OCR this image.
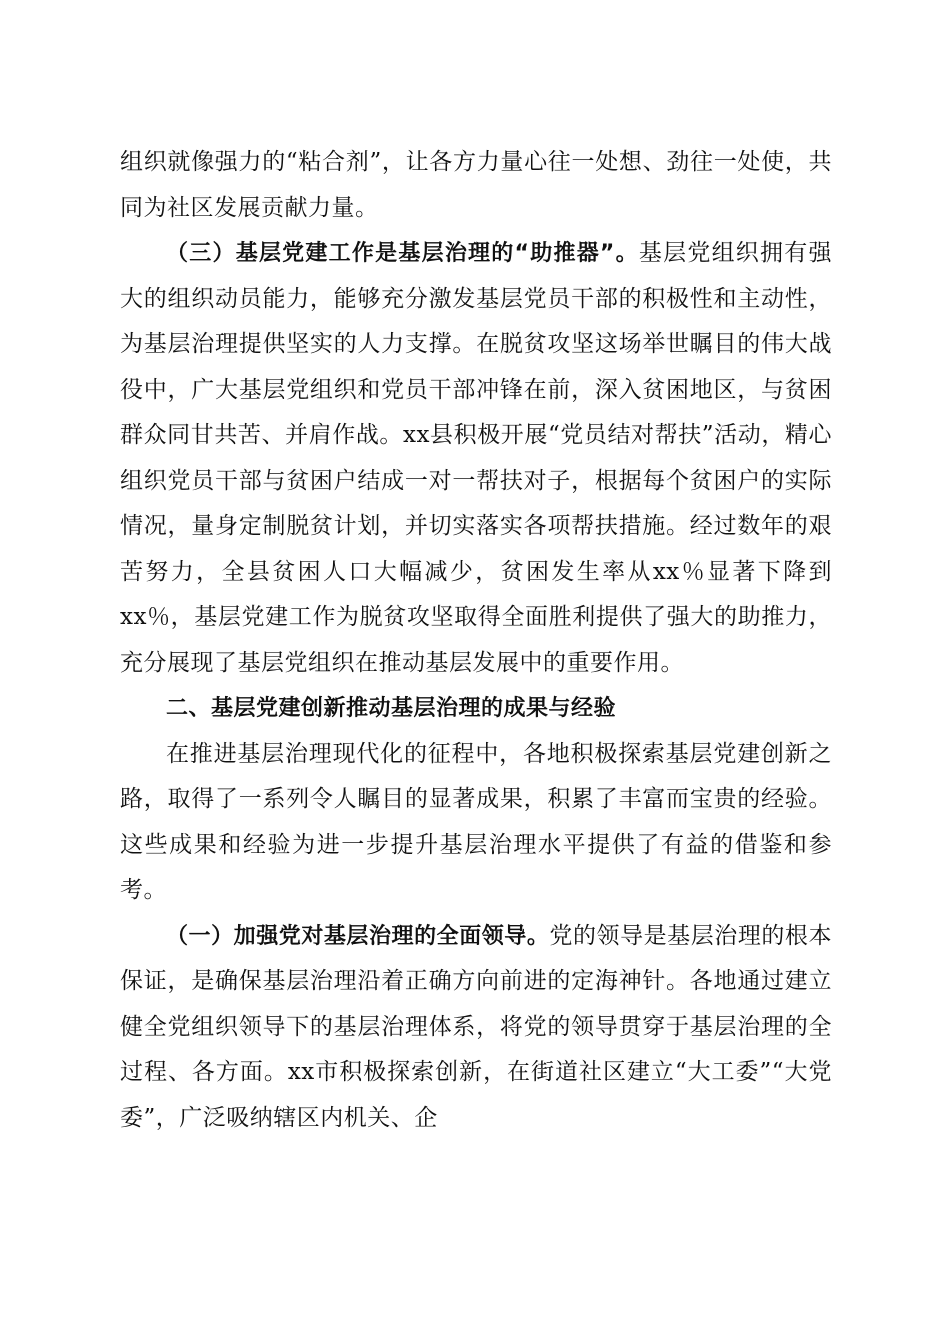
组织就像强力的“粘合剂”，让各方力量心往一处想、劲往一处使，共同为社区发展贡献力量。

（三）基层党建工作是基层治理的“助推器”。基层党组织拥有强大的组织动员能力，能够充分激发基层党员干部的积极性和主动性，为基层治理提供坚实的人力支撑。在脱贫攻坚这场举世瞩目的伟大战役中，广大基层党组织和党员干部冲锋在前，深入贫困地区，与贫困群众同甘共苦、并肩作战。xx县积极开展“党员结对帮扶”活动，精心组织党员干部与贫困户结成一对一帮扶对子，根据每个贫困户的实际情况，量身定制脱贫计划，并切实落实各项帮扶措施。经过数年的艰苦努力，全县贫困人口大幅减少，贫困发生率从xx％显著下降到xx％，基层党建工作为脱贫攻坚取得全面胜利提供了强大的助推力，充分展现了基层党组织在推动基层发展中的重要作用。

二、基层党建创新推动基层治理的成果与经验

在推进基层治理现代化的征程中，各地积极探索基层党建创新之路，取得了一系列令人瞩目的显著成果，积累了丰富而宝贵的经验。这些成果和经验为进一步提升基层治理水平提供了有益的借鉴和参考。

（一）加强党对基层治理的全面领导。党的领导是基层治理的根本保证，是确保基层治理沿着正确方向前进的定海神针。各地通过建立健全党组织领导下的基层治理体系，将党的领导贯穿于基层治理的全过程、各方面。xx市积极探索创新，在街道社区建立“大工委”“大党委”，广泛吸纳辖区内机关、企
